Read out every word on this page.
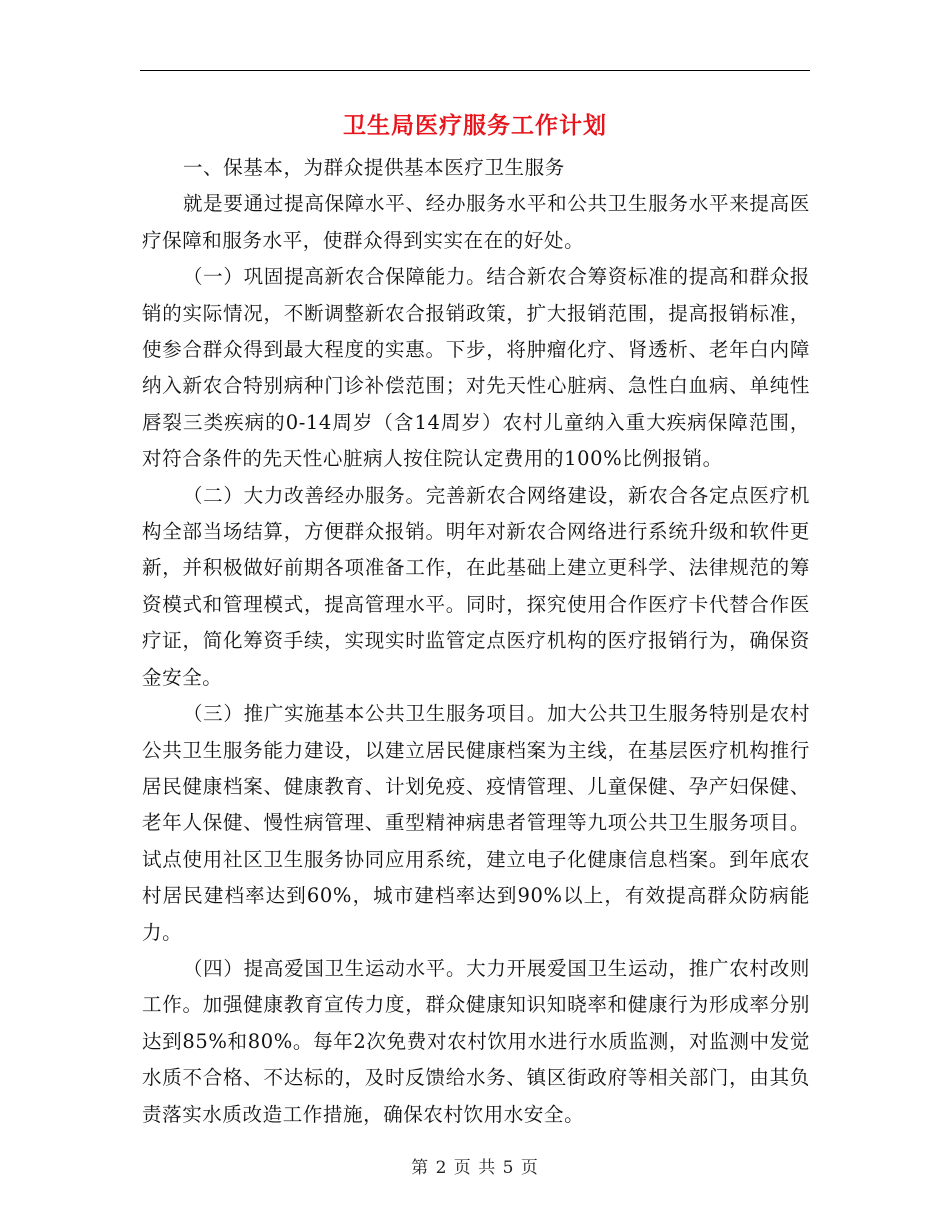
卫生局医疗服务工作计划

一、保基本，为群众提供基本医疗卫生服务

就是要通过提高保障水平、经办服务水平和公共卫生服务水平来提高医疗保障和服务水平，使群众得到实实在在的好处。

（一）巩固提高新农合保障能力。结合新农合筹资标准的提高和群众报销的实际情况，不断调整新农合报销政策，扩大报销范围，提高报销标准，使参合群众得到最大程度的实惠。下步，将肿瘤化疗、肾透析、老年白内障纳入新农合特别病种门诊补偿范围；对先天性心脏病、急性白血病、单纯性唇裂三类疾病的0-14周岁（含14周岁）农村儿童纳入重大疾病保障范围，对符合条件的先天性心脏病人按住院认定费用的100%比例报销。

（二）大力改善经办服务。完善新农合网络建设，新农合各定点医疗机构全部当场结算，方便群众报销。明年对新农合网络进行系统升级和软件更新，并积极做好前期各项准备工作，在此基础上建立更科学、法律规范的筹资模式和管理模式，提高管理水平。同时，探究使用合作医疗卡代替合作医疗证，简化筹资手续，实现实时监管定点医疗机构的医疗报销行为，确保资金安全。

（三）推广实施基本公共卫生服务项目。加大公共卫生服务特别是农村公共卫生服务能力建设，以建立居民健康档案为主线，在基层医疗机构推行居民健康档案、健康教育、计划免疫、疫情管理、儿童保健、孕产妇保健、老年人保健、慢性病管理、重型精神病患者管理等九项公共卫生服务项目。试点使用社区卫生服务协同应用系统，建立电子化健康信息档案。到年底农村居民建档率达到60%，城市建档率达到90%以上，有效提高群众防病能力。

（四）提高爱国卫生运动水平。大力开展爱国卫生运动，推广农村改则工作。加强健康教育宣传力度，群众健康知识知晓率和健康行为形成率分别达到85%和80%。每年2次免费对农村饮用水进行水质监测，对监测中发觉水质不合格、不达标的，及时反馈给水务、镇区街政府等相关部门，由其负责落实水质改造工作措施，确保农村饮用水安全。

第 2 页 共 5 页
